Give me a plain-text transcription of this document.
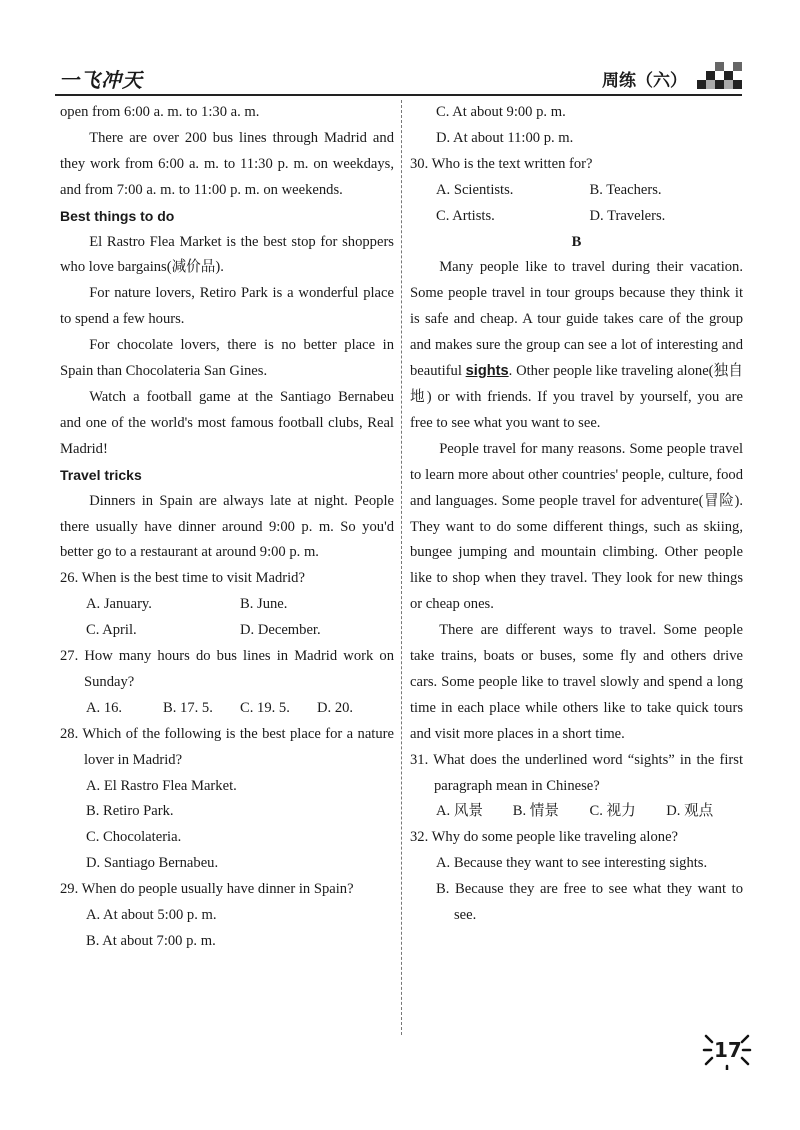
一飞冲天	周练（六）

open from 6:00 a. m. to 1:30 a. m.

There are over 200 bus lines through Madrid and they work from 6:00 a. m. to 11:30 p. m. on weekdays, and from 7:00 a. m. to 11:00 p. m. on weekends.

Best things to do

El Rastro Flea Market is the best stop for shoppers who love bargains(减价品).

For nature lovers, Retiro Park is a wonderful place to spend a few hours.

For chocolate lovers, there is no better place in Spain than Chocolateria San Gines.

Watch a football game at the Santiago Bernabeu and one of the world's most famous football clubs, Real Madrid!

Travel tricks

Dinners in Spain are always late at night. People there usually have dinner around 9:00 p. m. So you'd better go to a restaurant at around 9:00 p. m.

26. When is the best time to visit Madrid?

A. January.	B. June.
C. April.	D. December.

27. How many hours do bus lines in Madrid work on Sunday?

A. 16.	B. 17. 5.	C. 19. 5.	D. 20.

28. Which of the following is the best place for a nature lover in Madrid?

A. El Rastro Flea Market.

B. Retiro Park.

C. Chocolateria.

D. Santiago Bernabeu.

29. When do people usually have dinner in Spain?

A. At about 5:00 p. m.

B. At about 7:00 p. m.

C. At about 9:00 p. m.

D. At about 11:00 p. m.

30. Who is the text written for?

A. Scientists.	B. Teachers.
C. Artists.	D. Travelers.

B

Many people like to travel during their vacation. Some people travel in tour groups because they think it is safe and cheap. A tour guide takes care of the group and makes sure the group can see a lot of interesting and beautiful sights. Other people like traveling alone(独自地) or with friends. If you travel by yourself, you are free to see what you want to see.

People travel for many reasons. Some people travel to learn more about other countries' people, culture, food and languages. Some people travel for adventure(冒险). They want to do some different things, such as skiing, bungee jumping and mountain climbing. Other people like to shop when they travel. They look for new things or cheap ones.

There are different ways to travel. Some people take trains, boats or buses, some fly and others drive cars. Some people like to travel slowly and spend a long time in each place while others like to take quick tours and visit more places in a short time.

31. What does the underlined word “sights” in the first paragraph mean in Chinese?

A. 风景	B. 情景	C. 视力	D. 观点

32. Why do some people like traveling alone?

A. Because they want to see interesting sights.

B. Because they are free to see what they want to see.

17
